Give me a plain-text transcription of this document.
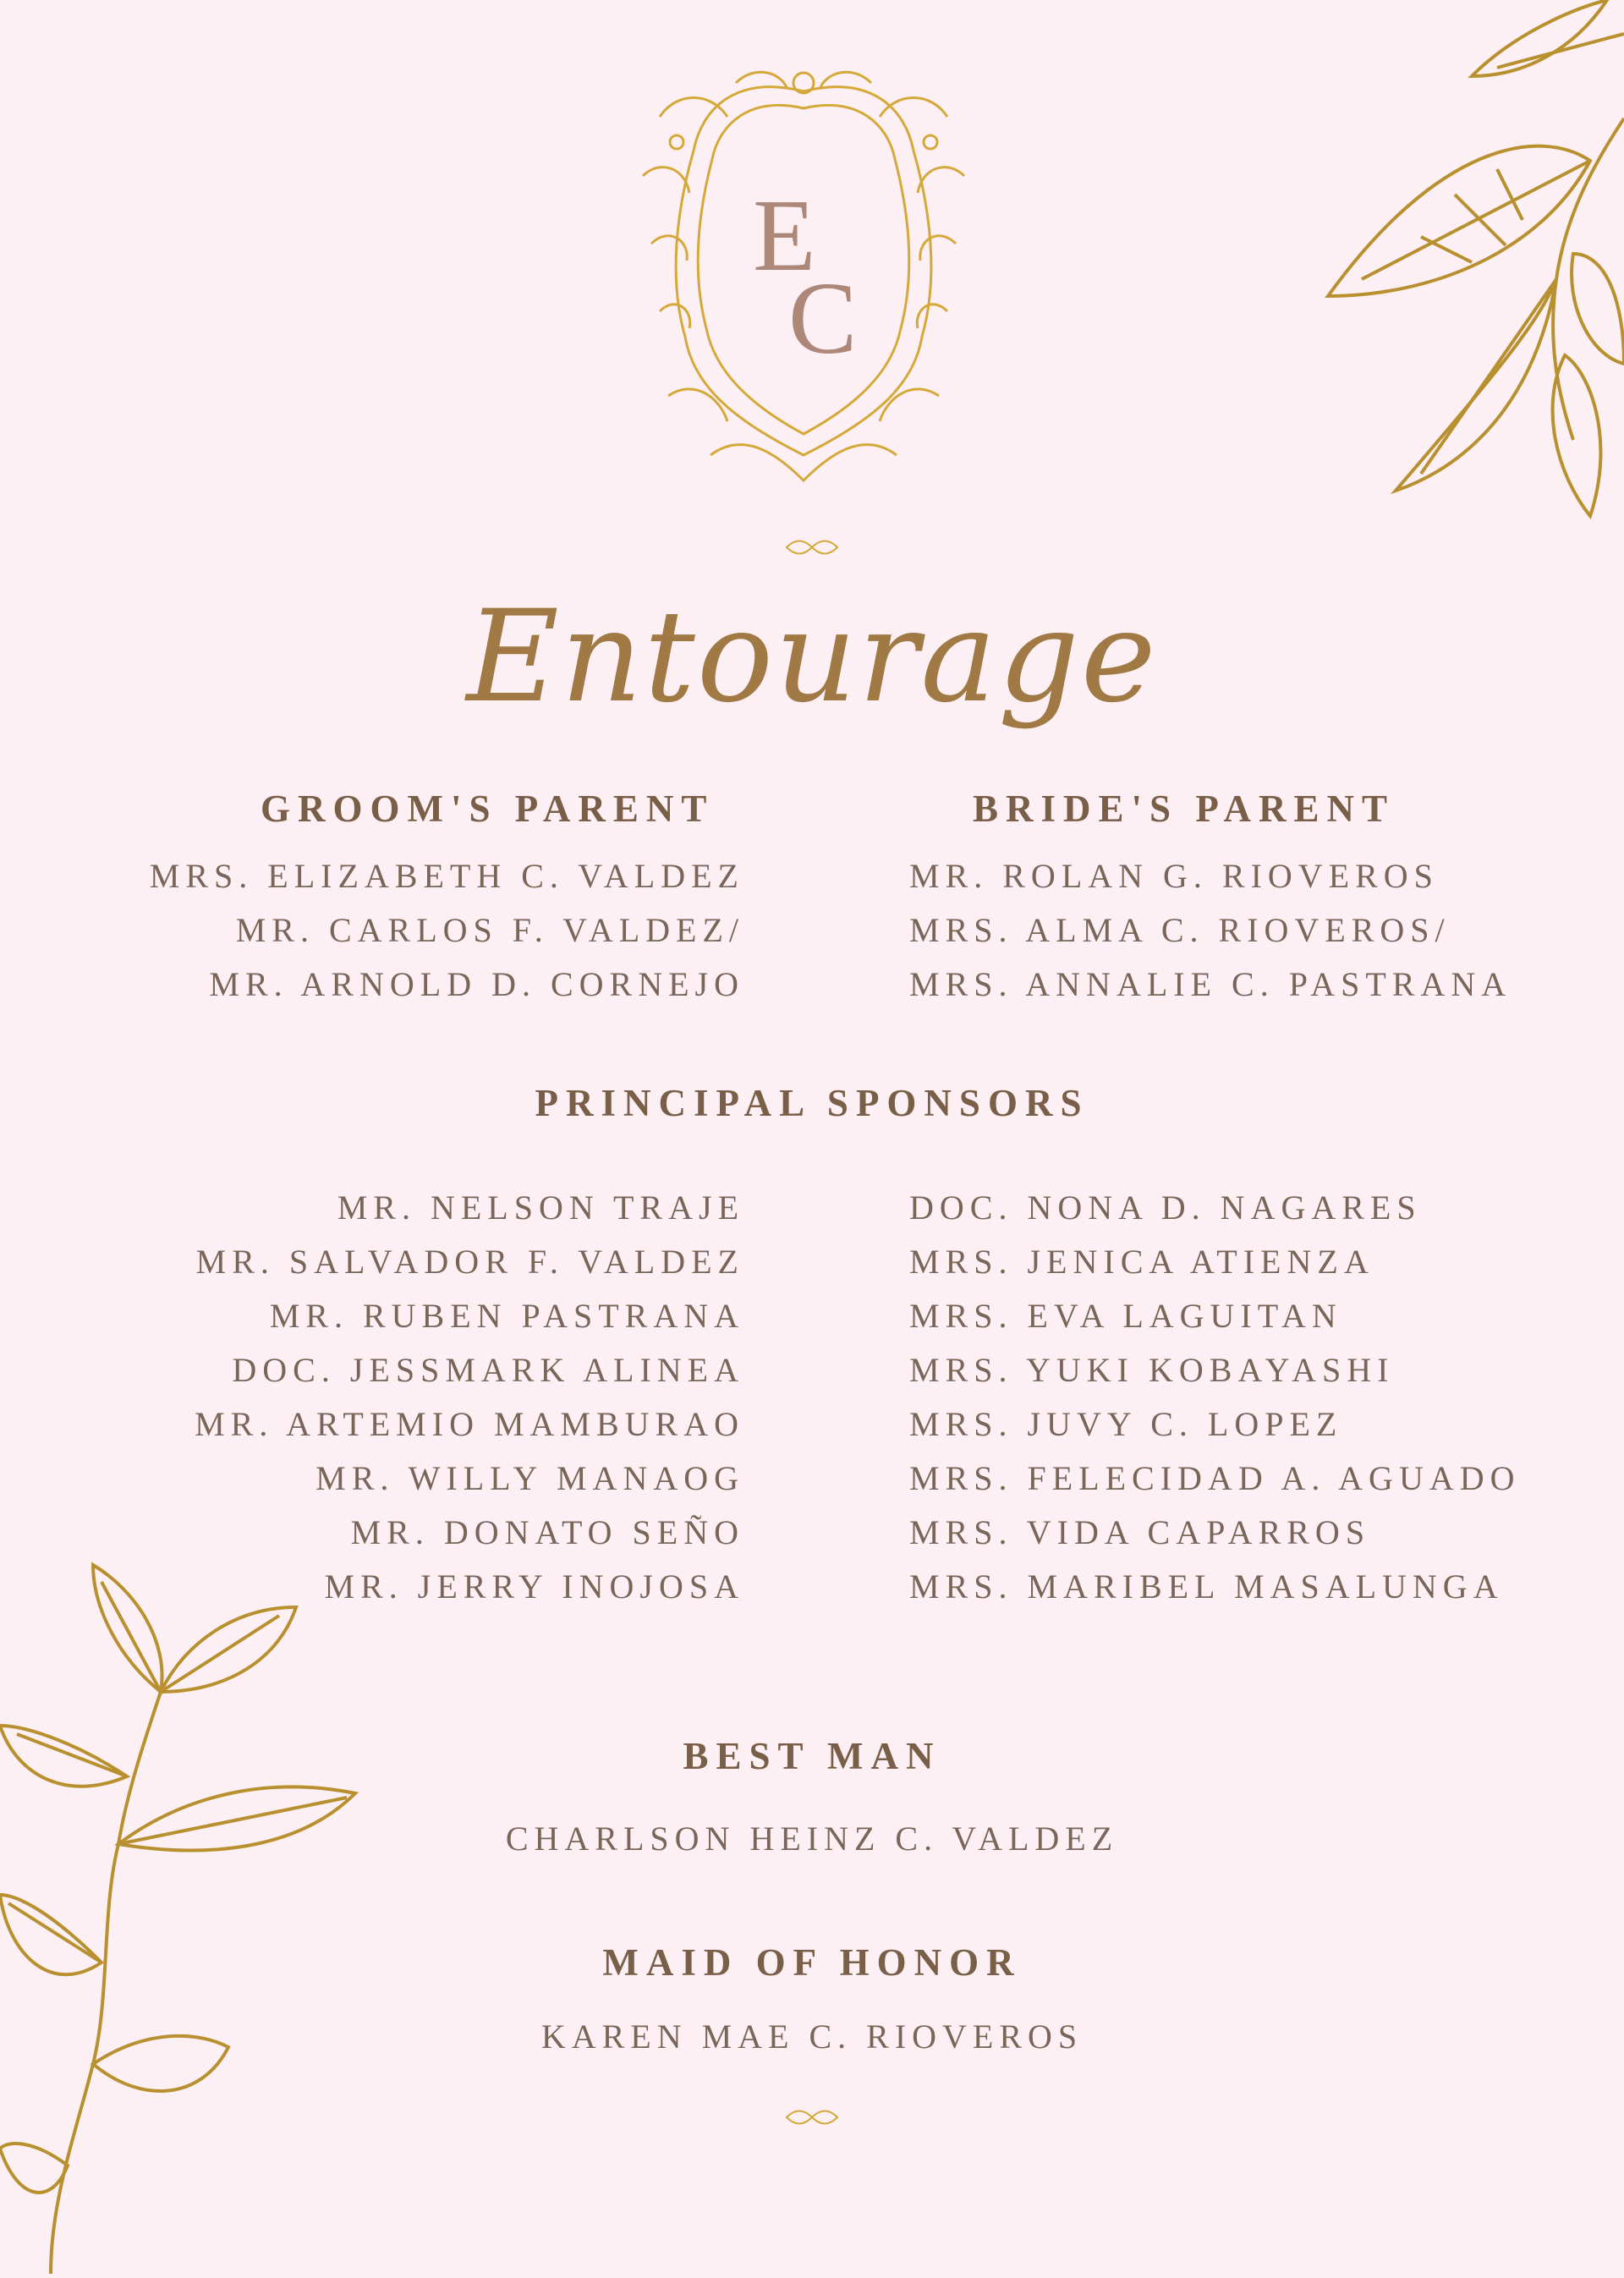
E
C
Entourage
GROOM'S PARENT
MRS. ELIZABETH C. VALDEZ
MR. CARLOS F. VALDEZ/
MR. ARNOLD D. CORNEJO
BRIDE'S PARENT
MR. ROLAN G. RIOVEROS
MRS. ALMA C. RIOVEROS/
MRS. ANNALIE C. PASTRANA
PRINCIPAL SPONSORS
MR. NELSON TRAJE
MR. SALVADOR F. VALDEZ
MR. RUBEN PASTRANA
DOC. JESSMARK ALINEA
MR. ARTEMIO MAMBURAO
MR. WILLY MANAOG
MR. DONATO SEÑO
MR. JERRY INOJOSA
DOC. NONA D. NAGARES
MRS. JENICA ATIENZA
MRS. EVA LAGUITAN
MRS. YUKI KOBAYASHI
MRS. JUVY C. LOPEZ
MRS. FELECIDAD A. AGUADO
MRS. VIDA CAPARROS
MRS. MARIBEL MASALUNGA
BEST MAN
CHARLSON HEINZ C. VALDEZ
MAID OF HONOR
KAREN MAE C. RIOVEROS
